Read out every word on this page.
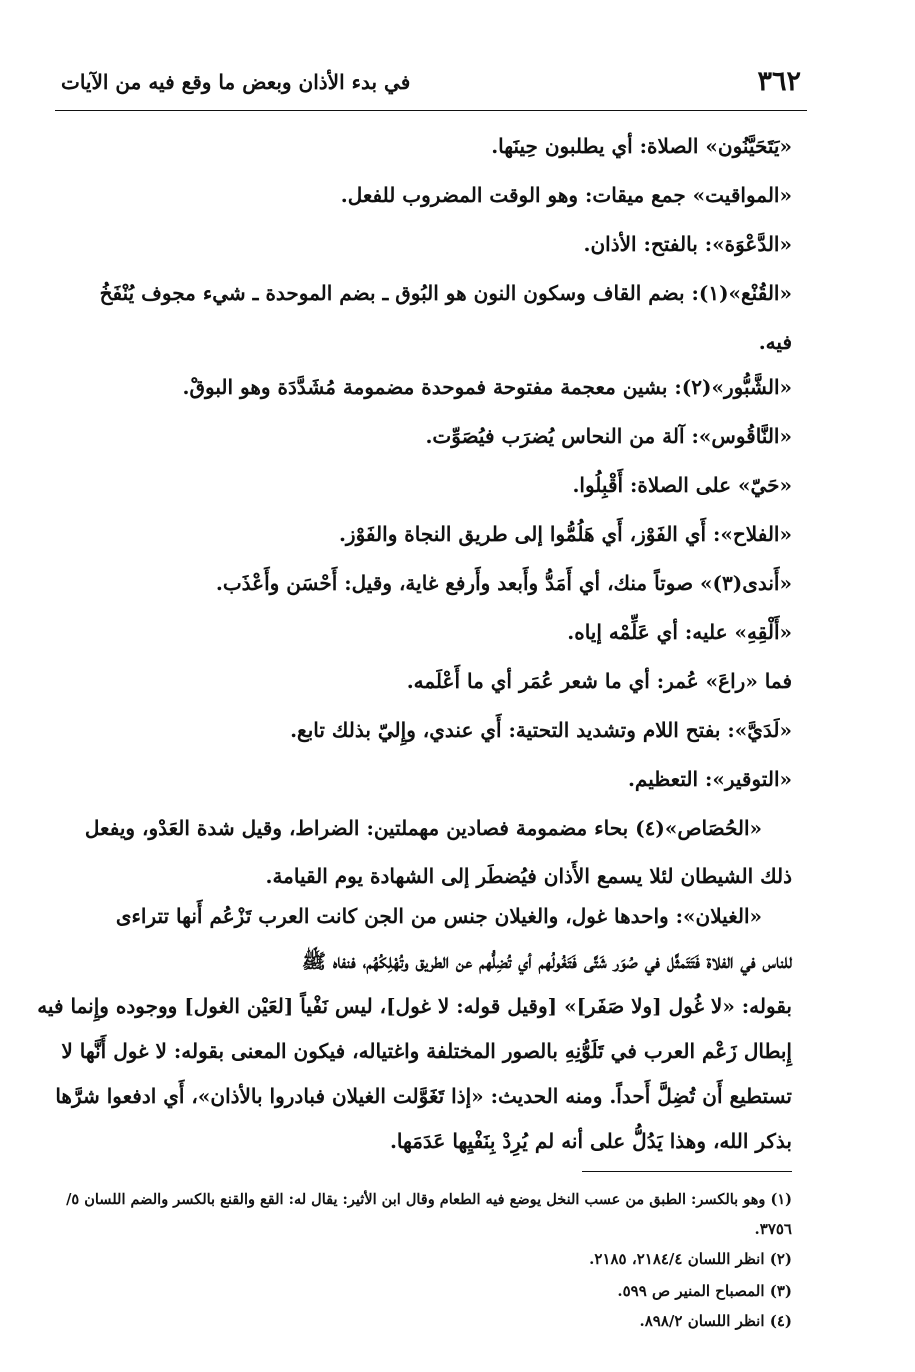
٣٦٢
في بدء الأذان وبعض ما وقع فيه من الآيات
«يَتَحَيَّنُون» الصلاة: أي يطلبون حِينَها.
«المواقيت» جمع ميقات: وهو الوقت المضروب للفعل.
«الدَّعْوَة»: بالفتح: الأذان.
«القُنْع»(١): بضم القاف وسكون النون هو البُوق ـ بضم الموحدة ـ شيء مجوف يُنْفَخُ
فيه.
«الشَّبُّور»(٢): بشين معجمة مفتوحة فموحدة مضمومة مُشَدَّدَة وهو البوقْ.
«النَّاقُوس»: آلة من النحاس يُضرَب فيُصَوِّت.
«حَيّ» على الصلاة: أَقْبِلُوا.
«الفلاح»: أَي الفَوْز، أَي هَلُمُّوا إلى طريق النجاة والفَوْز.
«أَندى(٣)» صوتاً منك، أي أَمَدُّ وأَبعد وأَرفع غاية، وقيل: أَحْسَن وأَعْذَب.
«أَلْقِهِ» عليه: أي عَلِّمْه إياه.
فما «راعَ» عُمر: أي ما شعر عُمَر أي ما أَعْلَمه.
«لَدَيَّ»: بفتح اللام وتشديد التحتية: أَي عندي، وإِليّ بذلك تابع.
«التوقير»: التعظيم.
«الحُصَاص»(٤) بحاء مضمومة فصادين مهملتين: الضراط، وقيل شدة العَدْو، ويفعل
ذلك الشيطان لئلا يسمع الأَذان فيُضطَر إلى الشهادة يوم القيامة.
«الغيلان»: واحدها غول، والغيلان جنس من الجن كانت العرب تَزْعُم أَنها تتراءى
للناس في الفلاة فَتَتَمثَّل في صُوَر شَتَّى فَتَغُولُهم أي تُضِلُّهم عن الطريق وتُهْلِكُهُم، فنفاه ﷺ
بقوله: «لا غُول [ولا صَفَر]» [وقيل قوله: لا غول]، ليس نَفْياً [لعَيْن الغول] ووجوده وإِنما فيه
إِبطال زَعْم العرب في تَلَوُّنِهِ بالصور المختلفة واغتياله، فيكون المعنى بقوله: لا غول أَنَّها لا
تستطيع أَن تُضِلَّ أَحداً. ومنه الحديث: «إذا تَغَوَّلت الغيلان فبادروا بالأذان»، أَي ادفعوا شرَّها
بذكر الله، وهذا يَدُلُّ على أنه لم يُرِدْ بِنَفْيِها عَدَمَها.
(١) وهو بالكسر: الطبق من عسب النخل يوضع فيه الطعام وقال ابن الأثير: يقال له: القع والقنع بالكسر والضم اللسان ٥/
٣٧٥٦.
(٢) انظر اللسان ٢١٨٤/٤، ٢١٨٥.
(٣) المصباح المنير ص ٥٩٩.
(٤) انظر اللسان ٨٩٨/٢.
